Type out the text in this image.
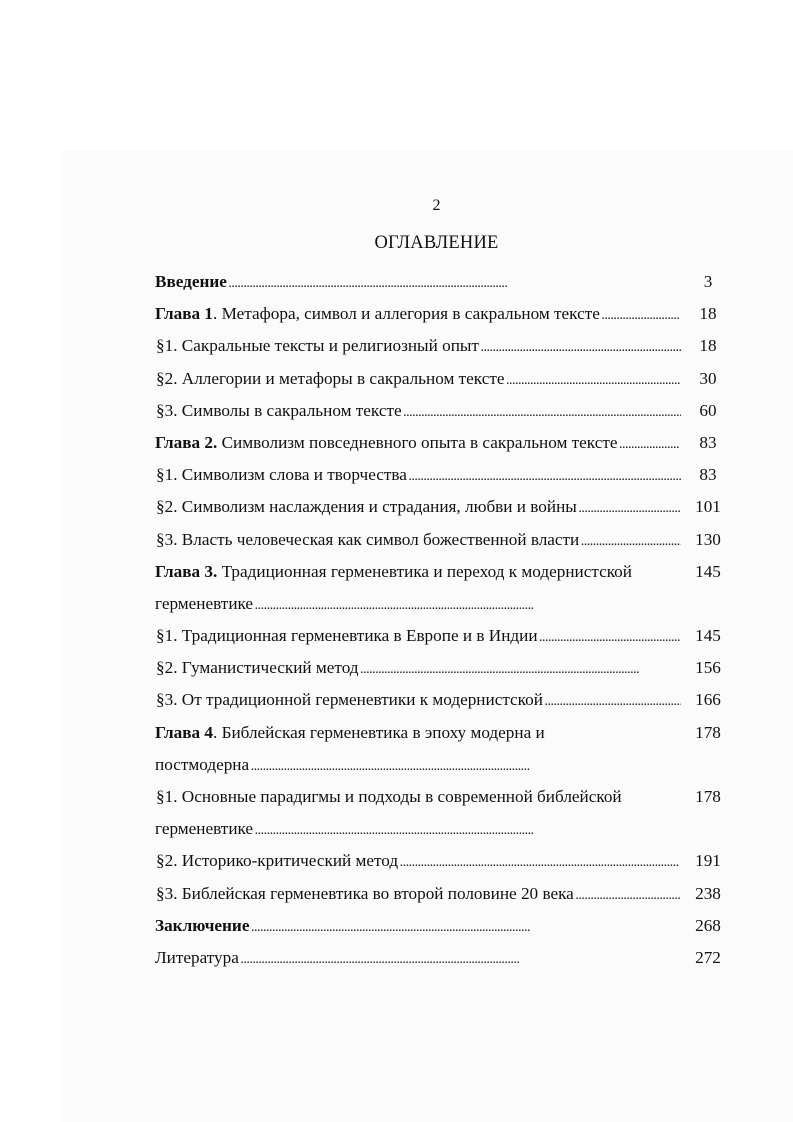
2
ОГЛАВЛЕНИЕ
Введение . . .	3
Глава 1. Метафора, символ и аллегория в сакральном тексте . . .	18
§1. Сакральные тексты и религиозный опыт . . .	18
§2. Аллегории и метафоры в сакральном тексте . . .	30
§3. Символы в сакральном тексте . . .	60
Глава 2. Символизм повседневного опыта в сакральном тексте . . .	83
§1. Символизм слова и творчества . . .	83
§2. Символизм наслаждения и страдания, любви и войны . . .	101
§3. Власть человеческая как символ божественной власти . . .	130
Глава 3. Традиционная герменевтика и переход к модернистской	145
герменевтике . . .
§1. Традиционная герменевтика в Европе и в Индии . . .	145
§2. Гуманистический метод . . .	156
§3. От традиционной герменевтики к модернистской . . .	166
Глава 4. Библейская герменевтика в эпоху модерна и	178
постмодерна . . .
§1. Основные парадигмы и подходы в современной библейской	178
герменевтике . . .
§2. Историко-критический метод . . .	191
§3. Библейская герменевтика во второй половине 20 века . . .	238
Заключение . . .	268
Литература . . .	272
